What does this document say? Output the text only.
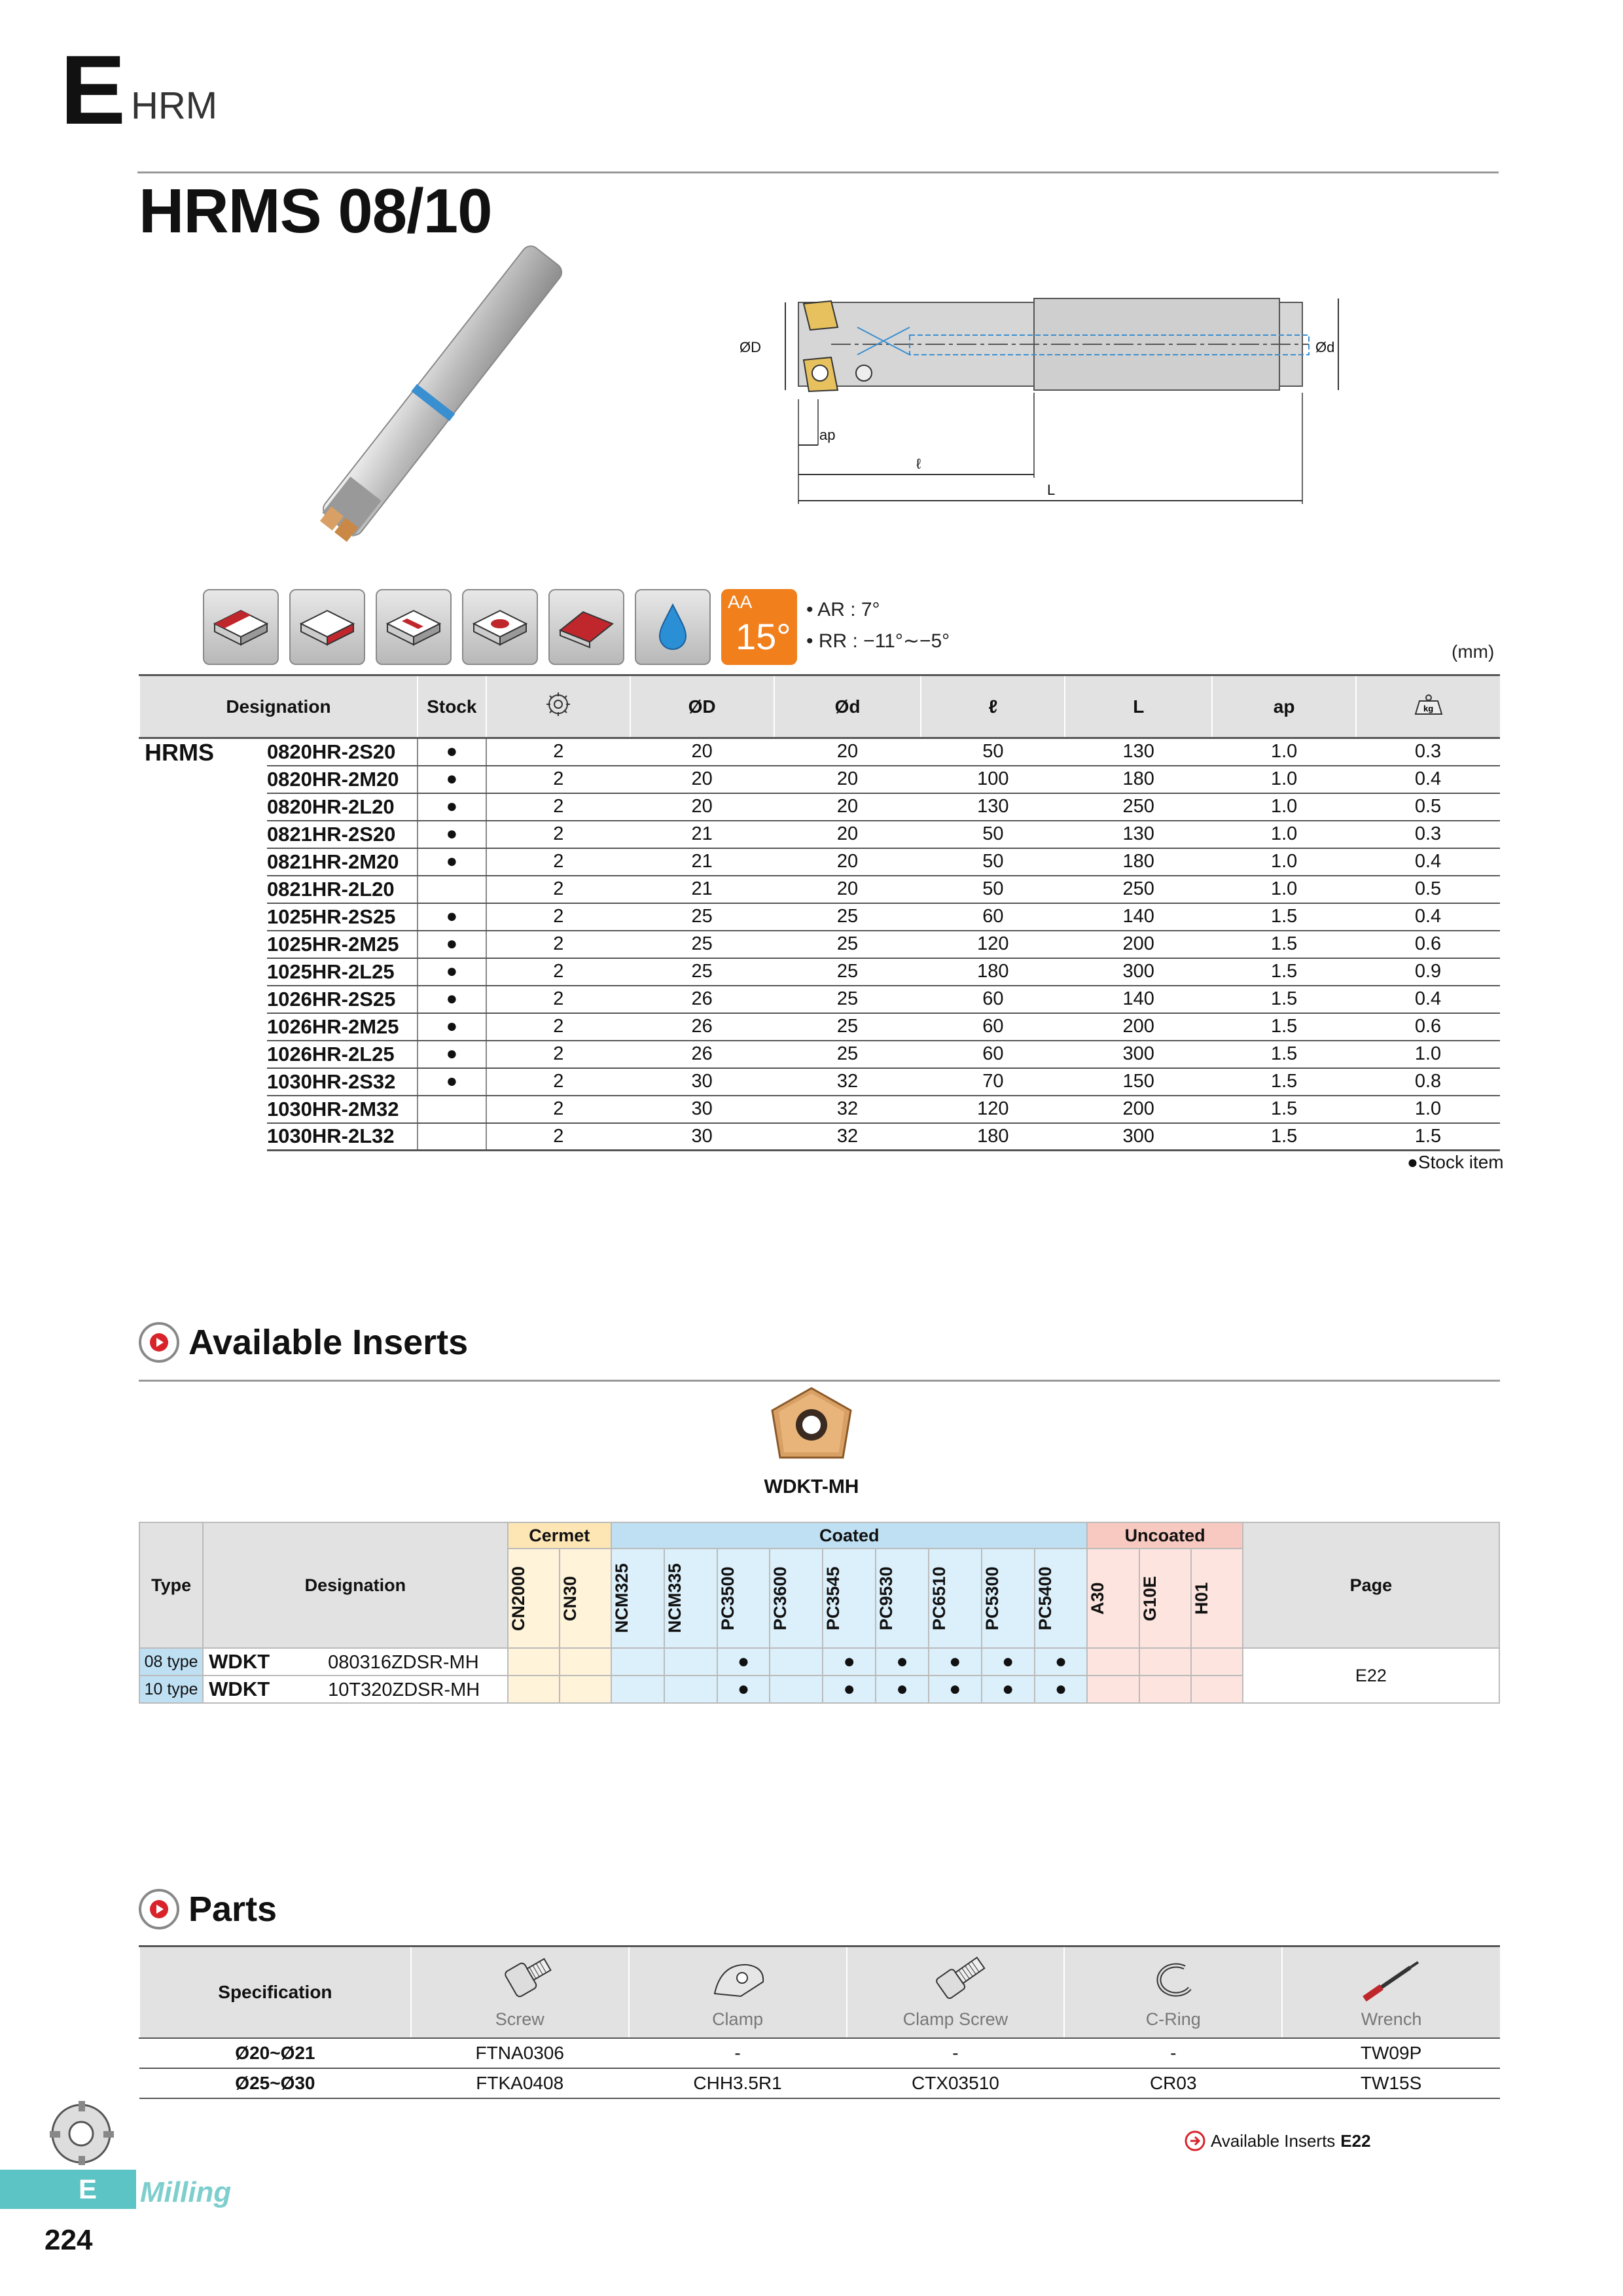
E HRM
HRMS 08/10
ØD	Ød
ap
ℓ
L
AA
15°
• AR : 7°
• RR : −11°∼−5°	(mm)
Designation		Stock		ØD	Ød	ℓ	L	ap	kg

HRMS	0820HR-2S20	●	2	20	20	50	130	1.0	0.3
	0820HR-2M20	●	2	20	20	100	180	1.0	0.4
	0820HR-2L20	●	2	20	20	130	250	1.0	0.5
	0821HR-2S20	●	2	21	20	50	130	1.0	0.3
	0821HR-2M20	●	2	21	20	50	180	1.0	0.4
	0821HR-2L20		2	21	20	50	250	1.0	0.5
	1025HR-2S25	●	2	25	25	60	140	1.5	0.4
	1025HR-2M25	●	2	25	25	120	200	1.5	0.6
	1025HR-2L25	●	2	25	25	180	300	1.5	0.9
	1026HR-2S25	●	2	26	25	60	140	1.5	0.4
	1026HR-2M25	●	2	26	25	60	200	1.5	0.6
	1026HR-2L25	●	2	26	25	60	300	1.5	1.0
	1030HR-2S32	●	2	30	32	70	150	1.5	0.8
	1030HR-2M32		2	30	32	120	200	1.5	1.0
	1030HR-2L32		2	30	32	180	300	1.5	1.5
●Stock item
Available Inserts
WDKT-MH
Type	Designation	Cermet		Coated									Uncoated			Page

		CN2000	CN30	NCM325	NCM335	PC3500	PC3600	PC3545	PC9530	PC6510	PC5300	PC5400	A30	G10E	H01	

08 type	WDKT 080316ZDSR-MH					●		●	●	●	●	●				E22
10 type	WDKT 10T320ZDSR-MH					●		●	●	●	●	●				
Parts
Specification	Screw	Clamp	Clamp Screw	C-Ring	Wrench

Ø20~Ø21	FTNA0306	-	-	-	TW09P
Ø25~Ø30	FTKA0408	CHH3.5R1	CTX03510	CR03	TW15S
Available Inserts E22
E	Milling
224
